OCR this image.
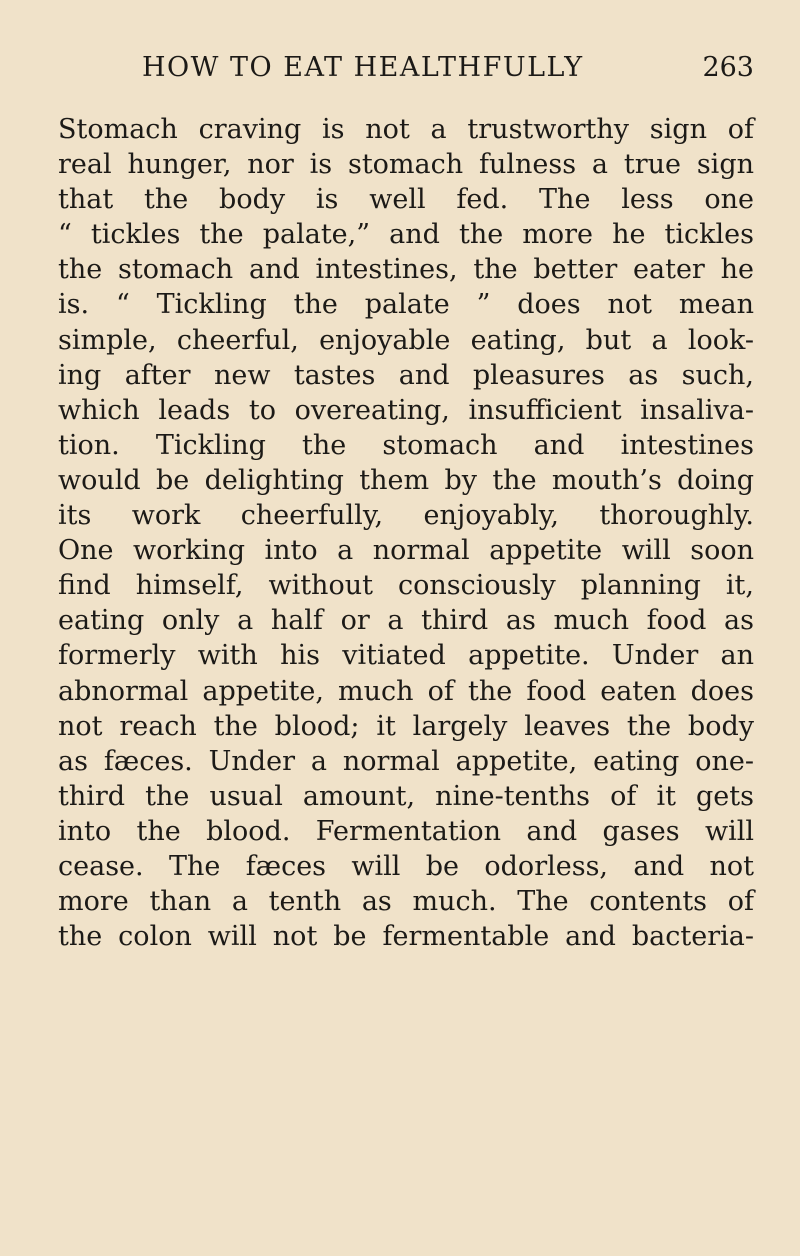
HOW TO EAT HEALTHFULLY	263
Stomach craving is not a trustworthy sign of
real hunger, nor is stomach fulness a true sign
that the body is well fed. The less one
“ tickles the palate,” and the more he tickles
the stomach and intestines, the better eater he
is. “ Tickling the palate ” does not mean
simple, cheerful, enjoyable eating, but a look-
ing after new tastes and pleasures as such,
which leads to overeating, insufficient insaliva-
tion. Tickling the stomach and intestines
would be delighting them by the mouth’s doing
its work cheerfully, enjoyably, thoroughly.
One working into a normal appetite will soon
find himself, without consciously planning it,
eating only a half or a third as much food as
formerly with his vitiated appetite. Under an
abnormal appetite, much of the food eaten does
not reach the blood; it largely leaves the body
as fæces. Under a normal appetite, eating one-
third the usual amount, nine-tenths of it gets
into the blood. Fermentation and gases will
cease. The fæces will be odorless, and not
more than a tenth as much. The contents of
the colon will not be fermentable and bacteria-
